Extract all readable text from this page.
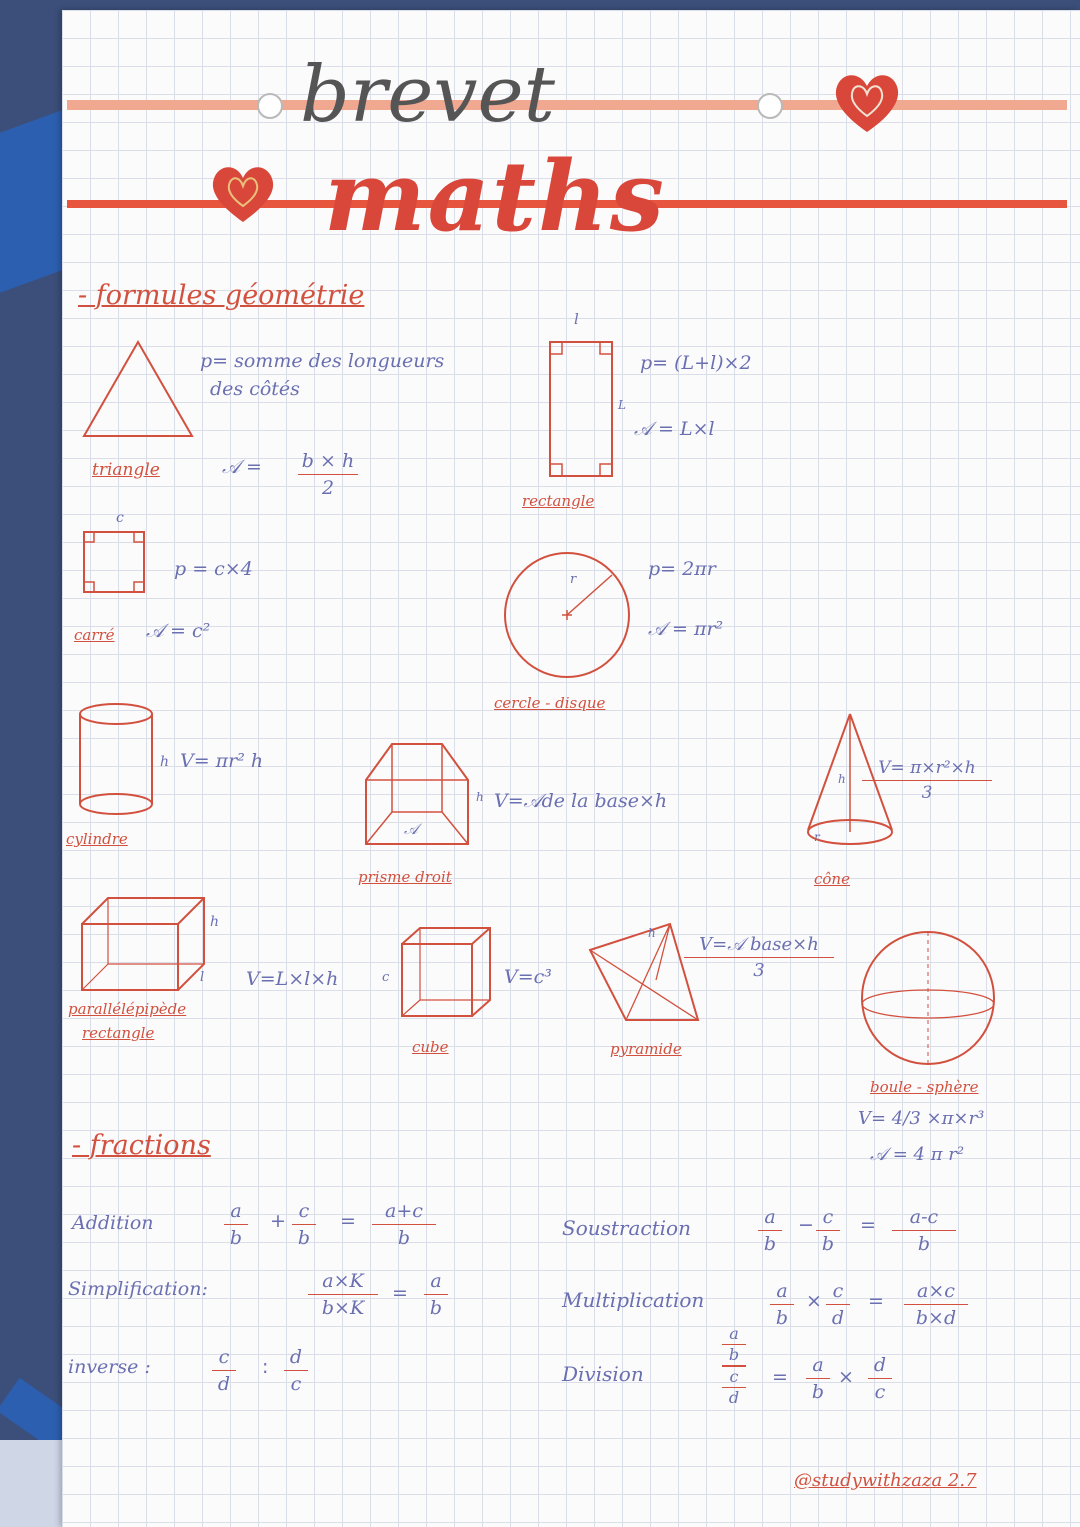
brevet
maths
- formules géométrie
p= somme des longueurs
des côtés
triangle	𝒜 = b × h
2
l
L
p= (L+l)×2
𝒜 = L×l
rectangle
c
p = c×4
carré 𝒜 = c²
r	p= 2πr
𝒜 = πr²
cercle - disque
h V= πr² h
cylindre
𝒜
h V=𝒜de la base×h
prisme droit
h
r
V= π×r²×h
3
cône
h
l V=L×l×h
parallélépipède
rectangle
c
cube
V=c³
h
V=𝒜 base×h
3
pyramide
boule - sphère
V= 4/3 ×π×r³
𝒜 = 4 π r²
- fractions
Addition
a
b
+ c
b
= a+c
b
Simplification:	a×K
b×K
=
a
b
inverse :	c
d
: d
c
Soustraction	a
b
− c
b
= a-c
b
Multiplication	a
b
× c
d
= a×c
b×d
Division
a
b
c
d
=
a
b
×
d
c
@studywithzaza 2.7
